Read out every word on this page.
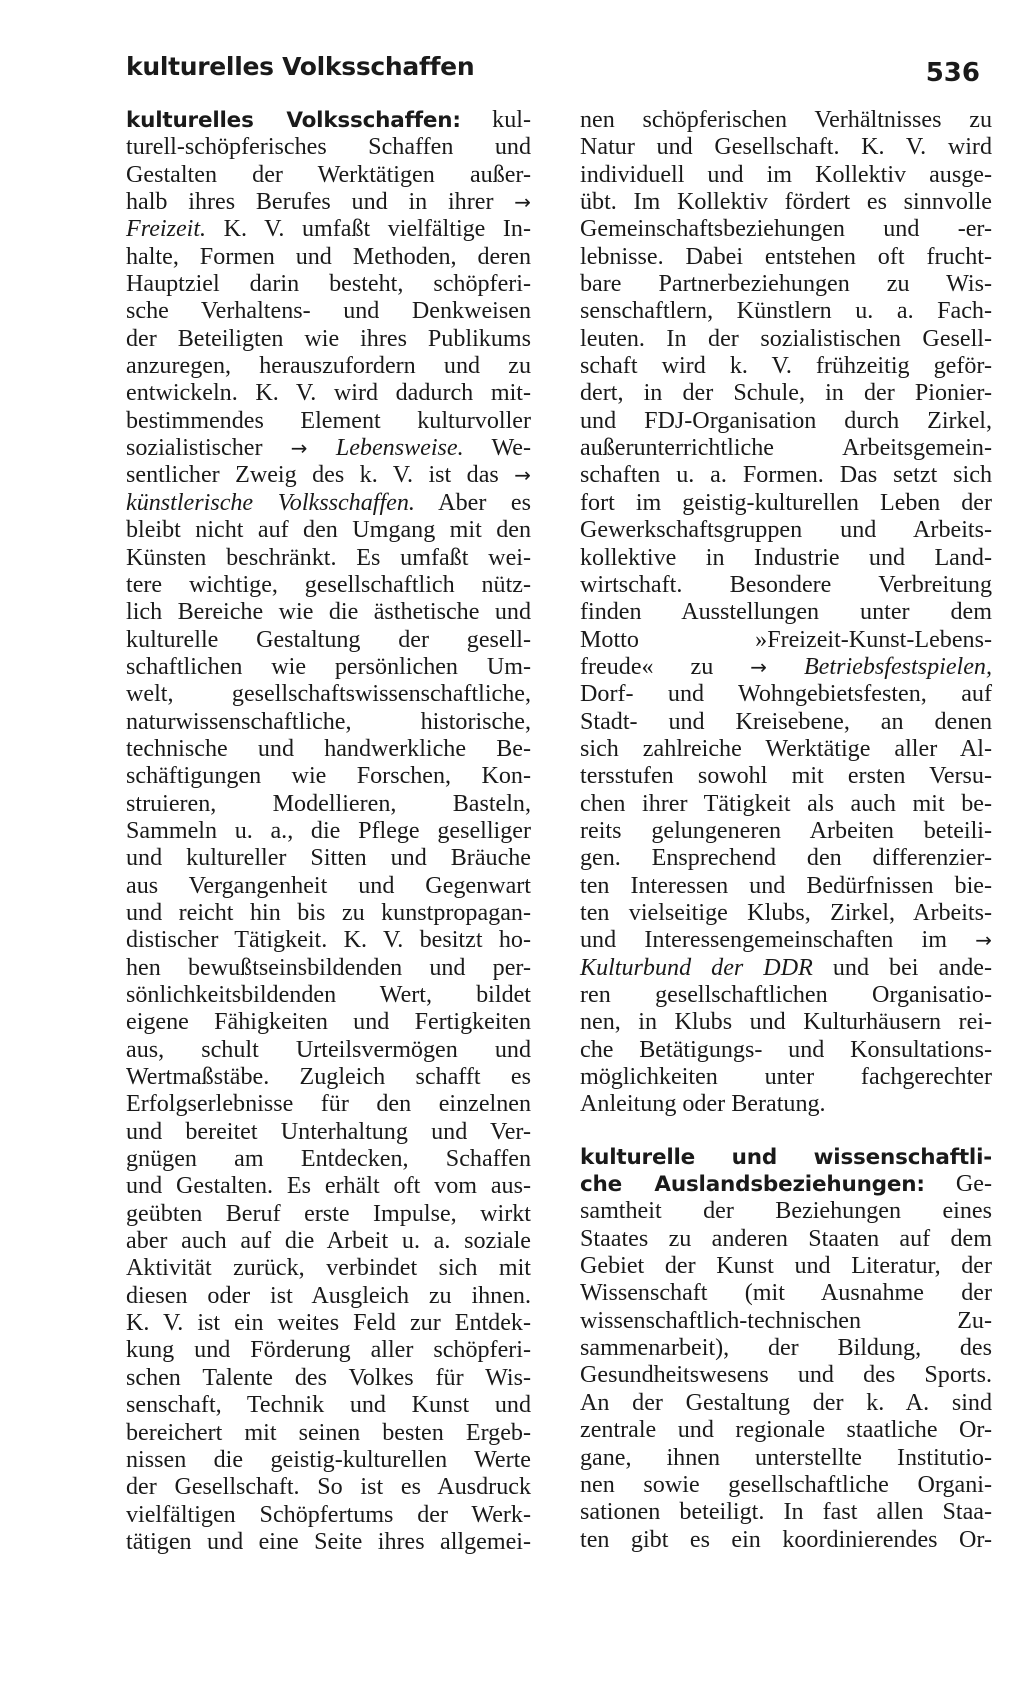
kulturelles Volksschaffen	536
kulturelles Volksschaffen: kul-
turell-schöpferisches Schaffen und
Gestalten der Werktätigen außer-
halb ihres Berufes und in ihrer →
Freizeit. K. V. umfaßt vielfältige In-
halte, Formen und Methoden, deren
Hauptziel darin besteht, schöpferi-
sche Verhaltens- und Denkweisen
der Beteiligten wie ihres Publikums
anzuregen, herauszufordern und zu
entwickeln. K. V. wird dadurch mit-
bestimmendes Element kulturvoller
sozialistischer → Lebensweise. We-
sentlicher Zweig des k. V. ist das →
künstlerische Volksschaffen. Aber es
bleibt nicht auf den Umgang mit den
Künsten beschränkt. Es umfaßt wei-
tere wichtige, gesellschaftlich nütz-
lich Bereiche wie die ästhetische und
kulturelle Gestaltung der gesell-
schaftlichen wie persönlichen Um-
welt, gesellschaftswissenschaftliche,
naturwissenschaftliche, historische,
technische und handwerkliche Be-
schäftigungen wie Forschen, Kon-
struieren, Modellieren, Basteln,
Sammeln u. a., die Pflege geselliger
und kultureller Sitten und Bräuche
aus Vergangenheit und Gegenwart
und reicht hin bis zu kunstpropagan-
distischer Tätigkeit. K. V. besitzt ho-
hen bewußtseinsbildenden und per-
sönlichkeitsbildenden Wert, bildet
eigene Fähigkeiten und Fertigkeiten
aus, schult Urteilsvermögen und
Wertmaßstäbe. Zugleich schafft es
Erfolgserlebnisse für den einzelnen
und bereitet Unterhaltung und Ver-
gnügen am Entdecken, Schaffen
und Gestalten. Es erhält oft vom aus-
geübten Beruf erste Impulse, wirkt
aber auch auf die Arbeit u. a. soziale
Aktivität zurück, verbindet sich mit
diesen oder ist Ausgleich zu ihnen.
K. V. ist ein weites Feld zur Entdek-
kung und Förderung aller schöpferi-
schen Talente des Volkes für Wis-
senschaft, Technik und Kunst und
bereichert mit seinen besten Ergeb-
nissen die geistig-kulturellen Werte
der Gesellschaft. So ist es Ausdruck
vielfältigen Schöpfertums der Werk-
tätigen und eine Seite ihres allgemei-
nen schöpferischen Verhältnisses zu
Natur und Gesellschaft. K. V. wird
individuell und im Kollektiv ausge-
übt. Im Kollektiv fördert es sinnvolle
Gemeinschaftsbeziehungen und -er-
lebnisse. Dabei entstehen oft frucht-
bare Partnerbeziehungen zu Wis-
senschaftlern, Künstlern u. a. Fach-
leuten. In der sozialistischen Gesell-
schaft wird k. V. frühzeitig geför-
dert, in der Schule, in der Pionier-
und FDJ-Organisation durch Zirkel,
außerunterrichtliche Arbeitsgemein-
schaften u. a. Formen. Das setzt sich
fort im geistig-kulturellen Leben der
Gewerkschaftsgruppen und Arbeits-
kollektive in Industrie und Land-
wirtschaft. Besondere Verbreitung
finden Ausstellungen unter dem
Motto »Freizeit-Kunst-Lebens-
freude« zu → Betriebsfestspielen,
Dorf- und Wohngebietsfesten, auf
Stadt- und Kreisebene, an denen
sich zahlreiche Werktätige aller Al-
tersstufen sowohl mit ersten Versu-
chen ihrer Tätigkeit als auch mit be-
reits gelungeneren Arbeiten beteili-
gen. Ensprechend den differenzier-
ten Interessen und Bedürfnissen bie-
ten vielseitige Klubs, Zirkel, Arbeits-
und Interessengemeinschaften im →
Kulturbund der DDR und bei ande-
ren gesellschaftlichen Organisatio-
nen, in Klubs und Kulturhäusern rei-
che Betätigungs- und Konsultations-
möglichkeiten unter fachgerechter
Anleitung oder Beratung.
kulturelle und wissenschaftli-
che Auslandsbeziehungen: Ge-
samtheit der Beziehungen eines
Staates zu anderen Staaten auf dem
Gebiet der Kunst und Literatur, der
Wissenschaft (mit Ausnahme der
wissenschaftlich-technischen Zu-
sammenarbeit), der Bildung, des
Gesundheitswesens und des Sports.
An der Gestaltung der k. A. sind
zentrale und regionale staatliche Or-
gane, ihnen unterstellte Institutio-
nen sowie gesellschaftliche Organi-
sationen beteiligt. In fast allen Staa-
ten gibt es ein koordinierendes Or-
